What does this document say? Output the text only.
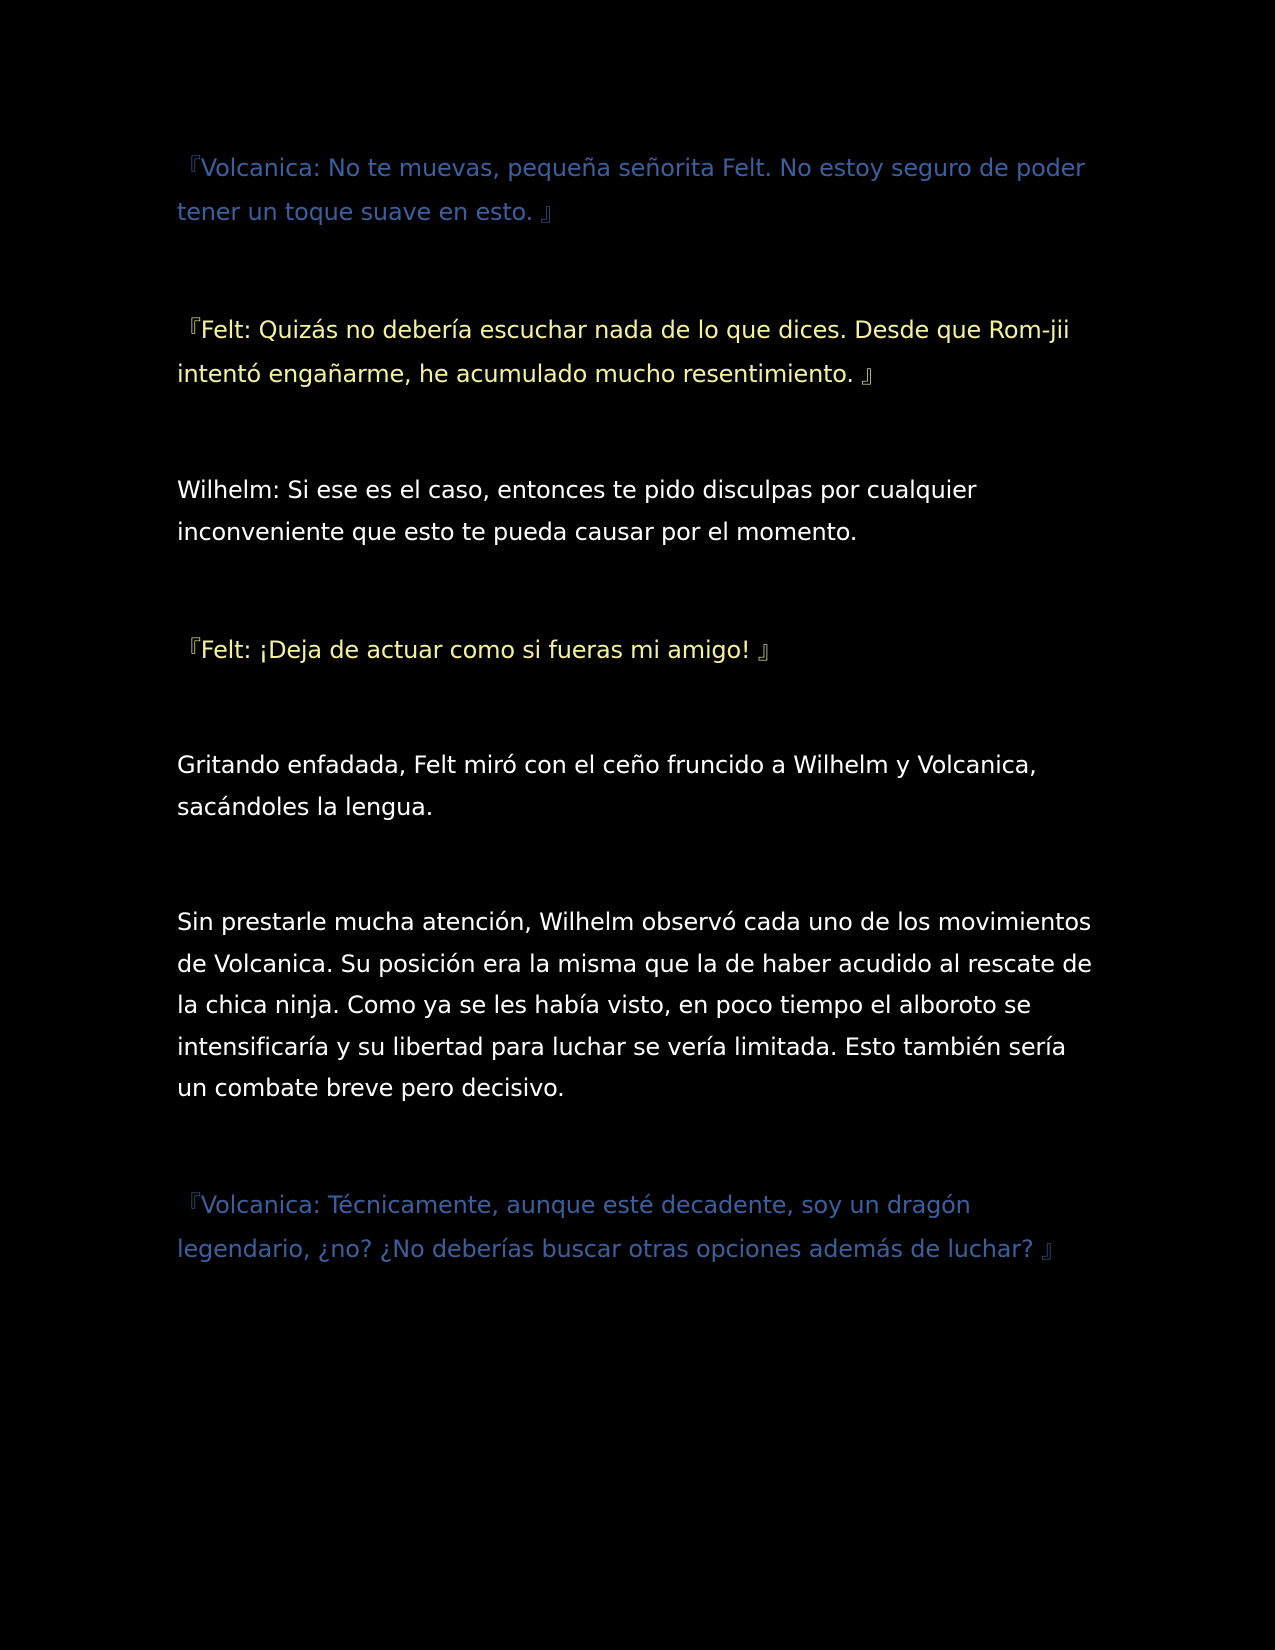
『Volcanica: No te muevas, pequeña señorita Felt. No estoy seguro de poder tener un toque suave en esto. 』

『Felt: Quizás no debería escuchar nada de lo que dices. Desde que Rom-jii intentó engañarme, he acumulado mucho resentimiento. 』

Wilhelm: Si ese es el caso, entonces te pido disculpas por cualquier inconveniente que esto te pueda causar por el momento.

『Felt: ¡Deja de actuar como si fueras mi amigo! 』

Gritando enfadada, Felt miró con el ceño fruncido a Wilhelm y Volcanica, sacándoles la lengua.

Sin prestarle mucha atención, Wilhelm observó cada uno de los movimientos de Volcanica. Su posición era la misma que la de haber acudido al rescate de la chica ninja. Como ya se les había visto, en poco tiempo el alboroto se intensificaría y su libertad para luchar se vería limitada. Esto también sería un combate breve pero decisivo.

『Volcanica: Técnicamente, aunque esté decadente, soy un dragón legendario, ¿no? ¿No deberías buscar otras opciones además de luchar? 』
